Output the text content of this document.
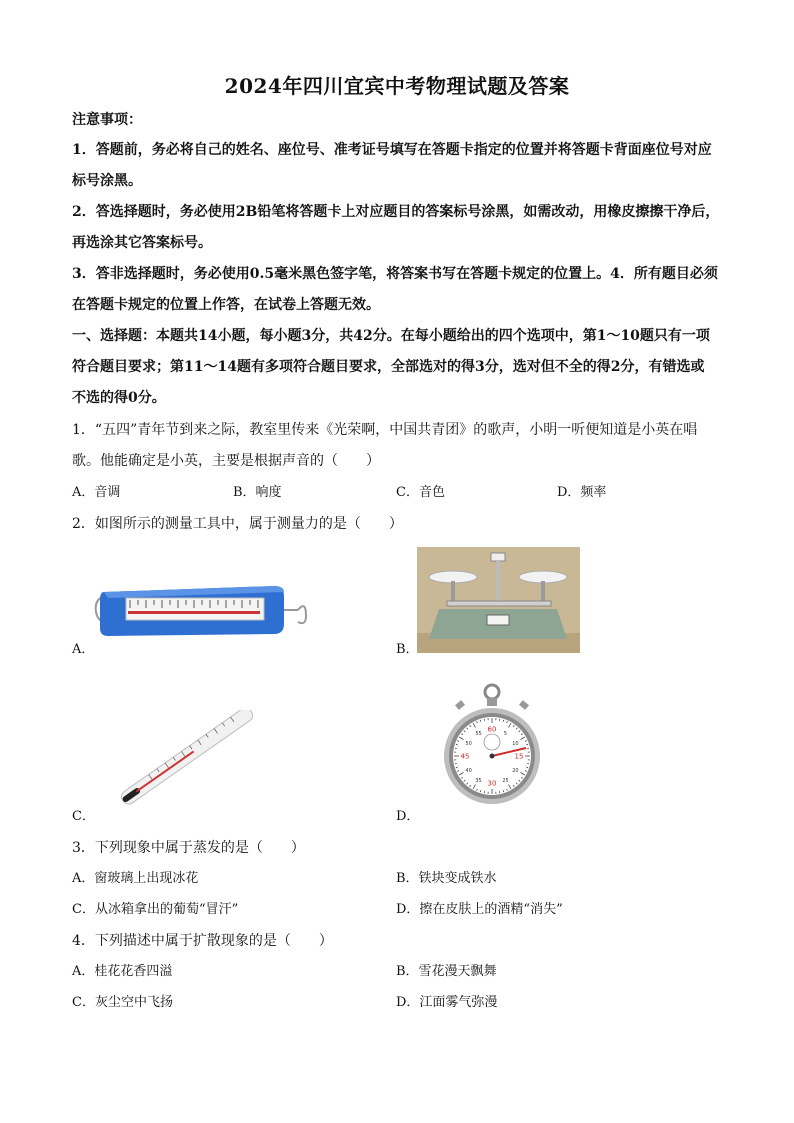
2024年四川宜宾中考物理试题及答案
注意事项：
1．答题前，务必将自己的姓名、座位号、准考证号填写在答题卡指定的位置并将答题卡背面座位号对应
标号涂黑。
2．答选择题时，务必使用2B铅笔将答题卡上对应题目的答案标号涂黑，如需改动，用橡皮擦擦干净后，
再选涂其它答案标号。
3．答非选择题时，务必使用0.5毫米黑色签字笔，将答案书写在答题卡规定的位置上。4．所有题目必须
在答题卡规定的位置上作答，在试卷上答题无效。
一、选择题：本题共14小题，每小题3分，共42分。在每小题给出的四个选项中，第1～10题只有一项
符合题目要求；第11～14题有多项符合题目要求，全部选对的得3分，选对但不全的得2分，有错选或
不选的得0分。
1．“五四”青年节到来之际，教室里传来《光荣啊，中国共青团》的歌声，小明一听便知道是小英在唱
歌。他能确定是小英，主要是根据声音的（　　）
A．音调	B．响度	C．音色	D．频率
2．如图所示的测量工具中，属于测量力的是（　　）
A．	B．
C．
60
15
30
45
5
10
20
25
35
40
50
55
D．
3．下列现象中属于蒸发的是（　　）
A．窗玻璃上出现冰花	B．铁块变成铁水
C．从冰箱拿出的葡萄“冒汗”	D．擦在皮肤上的酒精“消失”
4．下列描述中属于扩散现象的是（　　）
A．桂花花香四溢	B．雪花漫天飘舞
C．灰尘空中飞扬	D．江面雾气弥漫
